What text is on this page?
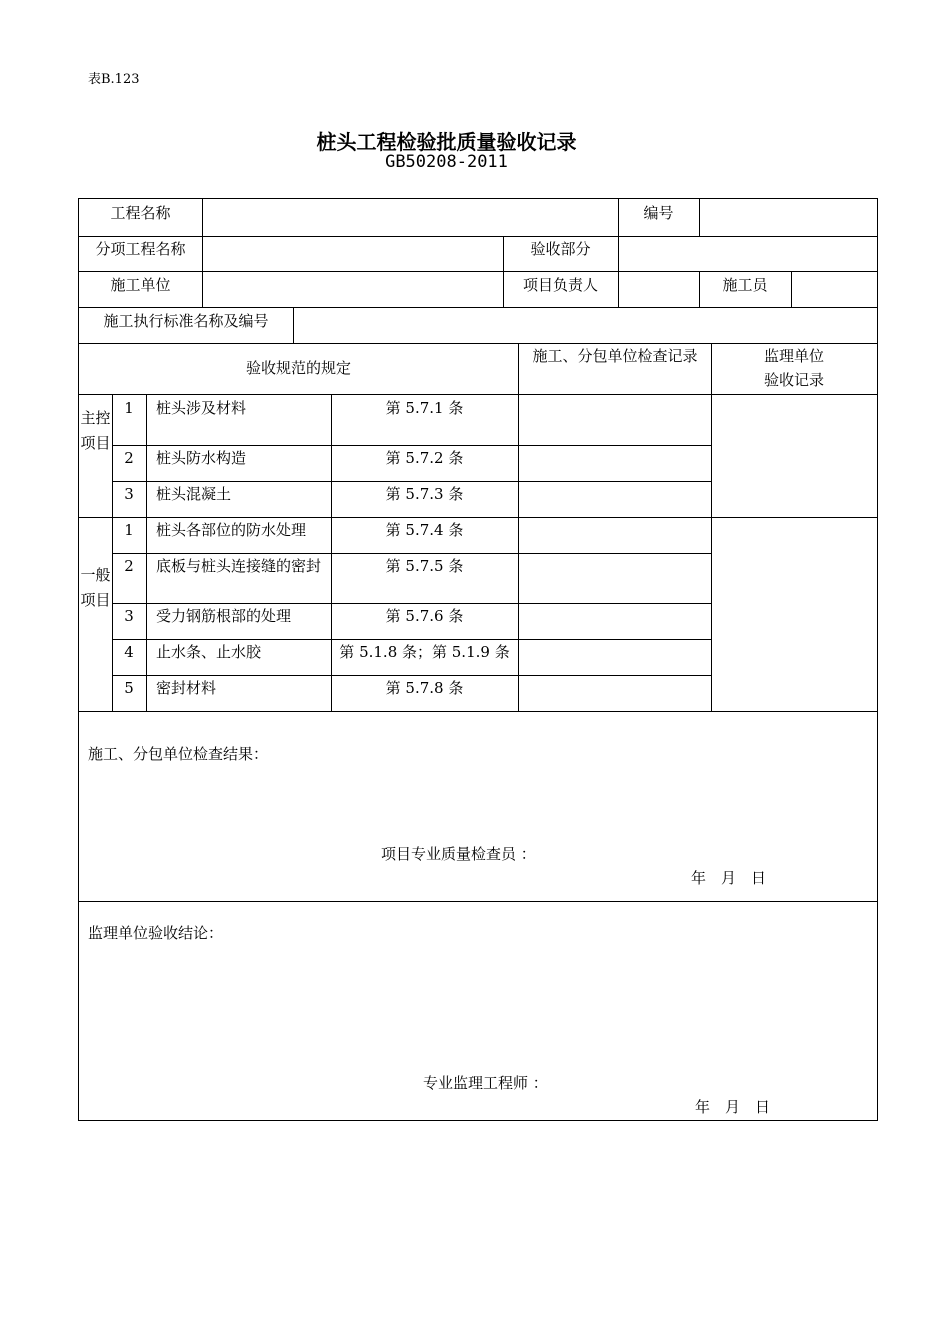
表B.123
桩头工程检验批质量验收记录
GB50208-2011
工程名称	编号
分项工程名称	验收部分
施工单位	项目负责人	施工员
施工执行标准名称及编号
验收规范的规定
施工、分包单位检查记录	监理单位
验收记录
主控项目
1	桩头涉及材料	第 5.7.1 条
2	桩头防水构造	第 5.7.2 条
3	桩头混凝土	第 5.7.3 条
一般项目
1	桩头各部位的防水处理	第 5.7.4 条
2	底板与桩头连接缝的密封	第 5.7.5 条
3	受力钢筋根部的处理	第 5.7.6 条
4	止水条、止水胶	第 5.1.8 条；第 5.1.9 条
5	密封材料	第 5.7.8 条
施工、分包单位检查结果：
项目专业质量检查员 ：
年　月　日
监理单位验收结论：
专业监理工程师 ：
年　月　日
